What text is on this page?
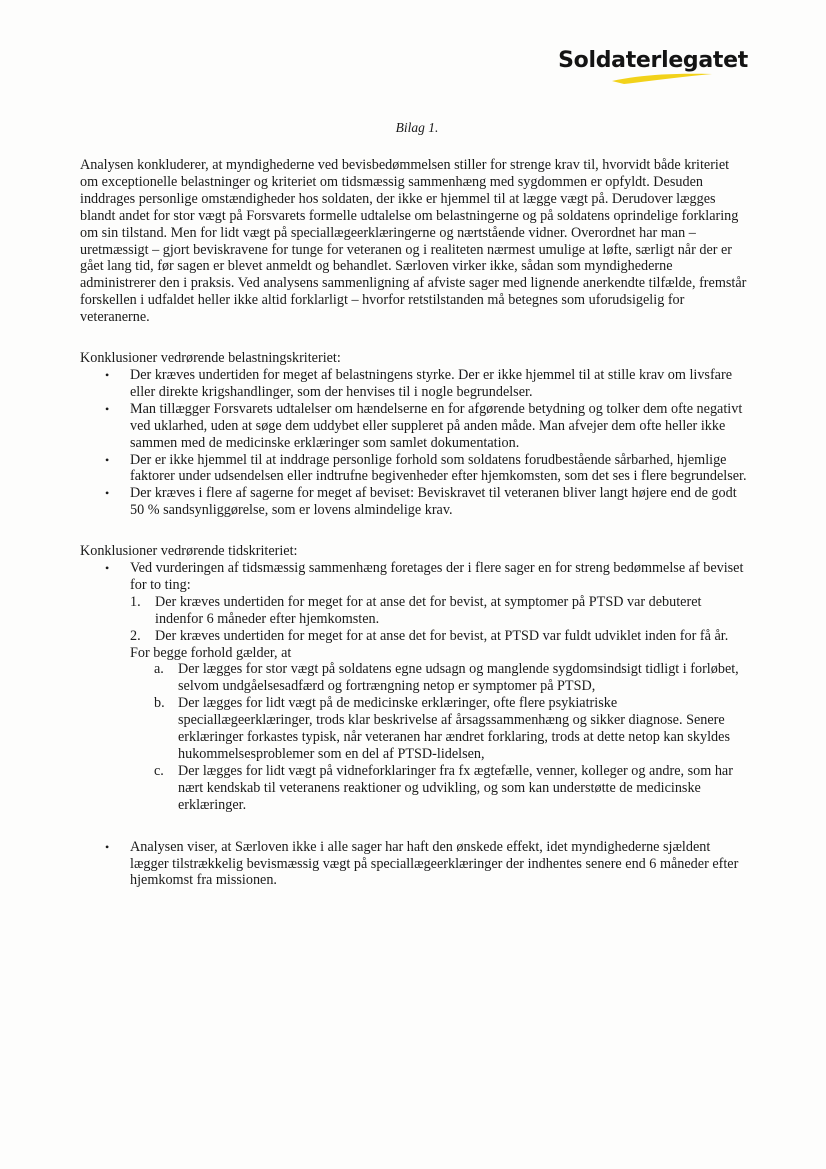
Soldaterlegatet
Bilag 1.

Analysen konkluderer, at myndighederne ved bevisbedømmelsen stiller for strenge krav til, hvorvidt både kriteriet om exceptionelle belastninger og kriteriet om tidsmæssig sammenhæng med sygdommen er opfyldt. Desuden inddrages personlige omstændigheder hos soldaten, der ikke er hjemmel til at lægge vægt på. Derudover lægges blandt andet for stor vægt på Forsvarets formelle udtalelse om belastningerne og på soldatens oprindelige forklaring om sin tilstand. Men for lidt vægt på speciallægeerklæringerne og nærtstående vidner. Overordnet har man – uretmæssigt – gjort beviskravene for tunge for veteranen og i realiteten nærmest umulige at løfte, særligt når der er gået lang tid, før sagen er blevet anmeldt og behandlet. Særloven virker ikke, sådan som myndighederne administrerer den i praksis. Ved analysens sammenligning af afviste sager med lignende anerkendte tilfælde, fremstår forskellen i udfaldet heller ikke altid forklarligt – hvorfor retstilstanden må betegnes som uforudsigelig for veteranerne.

Konklusioner vedrørende belastningskriteriet:

• Der kræves undertiden for meget af belastningens styrke. Der er ikke hjemmel til at stille krav om livsfare eller direkte krigshandlinger, som der henvises til i nogle begrundelser.
• Man tillægger Forsvarets udtalelser om hændelserne en for afgørende betydning og tolker dem ofte negativt ved uklarhed, uden at søge dem uddybet eller suppleret på anden måde. Man afvejer dem ofte heller ikke sammen med de medicinske erklæringer som samlet dokumentation.
• Der er ikke hjemmel til at inddrage personlige forhold som soldatens forudbestående sårbarhed, hjemlige faktorer under udsendelsen eller indtrufne begivenheder efter hjemkomsten, som det ses i flere begrundelser.
• Der kræves i flere af sagerne for meget af beviset: Beviskravet til veteranen bliver langt højere end de godt 50 % sandsynliggørelse, som er lovens almindelige krav.

Konklusioner vedrørende tidskriteriet:

• Ved vurderingen af tidsmæssig sammenhæng foretages der i flere sager en for streng bedømmelse af beviset for to ting:
1. Der kræves undertiden for meget for at anse det for bevist, at symptomer på PTSD var debuteret indenfor 6 måneder efter hjemkomsten.
2. Der kræves undertiden for meget for at anse det for bevist, at PTSD var fuldt udviklet inden for få år.

For begge forhold gælder, at

a. Der lægges for stor vægt på soldatens egne udsagn og manglende sygdomsindsigt tidligt i forløbet, selvom undgåelsesadfærd og fortrængning netop er symptomer på PTSD,
b. Der lægges for lidt vægt på de medicinske erklæringer, ofte flere psykiatriske speciallægeerklæringer, trods klar beskrivelse af årsagssammenhæng og sikker diagnose. Senere erklæringer forkastes typisk, når veteranen har ændret forklaring, trods at dette netop kan skyldes hukommelsesproblemer som en del af PTSD-lidelsen,
c. Der lægges for lidt vægt på vidneforklaringer fra fx ægtefælle, venner, kolleger og andre, som har nært kendskab til veteranens reaktioner og udvikling, og som kan understøtte de medicinske erklæringer.
• Analysen viser, at Særloven ikke i alle sager har haft den ønskede effekt, idet myndighederne sjældent lægger tilstrækkelig bevismæssig vægt på speciallægeerklæringer der indhentes senere end 6 måneder efter hjemkomst fra missionen.
